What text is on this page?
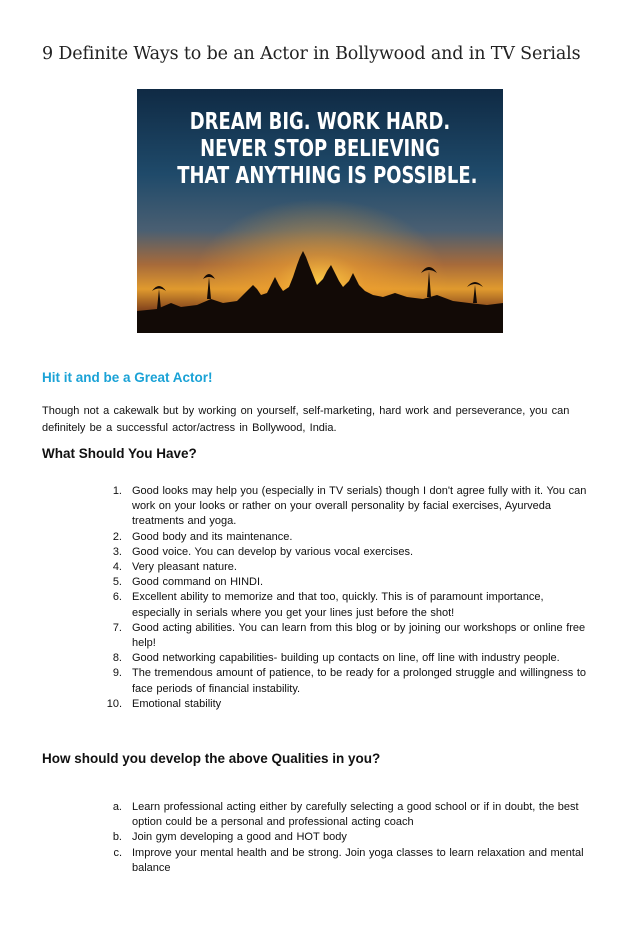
9 Definite Ways to be an Actor in Bollywood and in TV Serials
DREAM BIG. WORK HARD.
NEVER STOP BELIEVING
THAT ANYTHING IS POSSIBLE.
Hit it and be a Great Actor!
Though not a cakewalk but by working on yourself, self-marketing, hard work and perseverance, you can definitely be a successful actor/actress in Bollywood, India.
What Should You Have?
1. Good looks may help you (especially in TV serials) though I don't agree fully with it. You can work on your looks or rather on your overall personality by facial exercises, Ayurveda treatments and yoga.
2. Good body and its maintenance.
3. Good voice. You can develop by various vocal exercises.
4. Very pleasant nature.
5. Good command on HINDI.
6. Excellent ability to memorize and that too, quickly. This is of paramount importance, especially in serials where you get your lines just before the shot!
7. Good acting abilities. You can learn from this blog or by joining our workshops or online free help!
8. Good networking capabilities- building up contacts on line, off line with industry people.
9. The tremendous amount of patience, to be ready for a prolonged struggle and willingness to face periods of financial instability.
10. Emotional stability
How should you develop the above Qualities in you?
a. Learn professional acting either by carefully selecting a good school or if in doubt, the best option could be a personal and professional acting coach
b. Join gym developing a good and HOT body
c. Improve your mental health and be strong. Join yoga classes to learn relaxation and mental balance
